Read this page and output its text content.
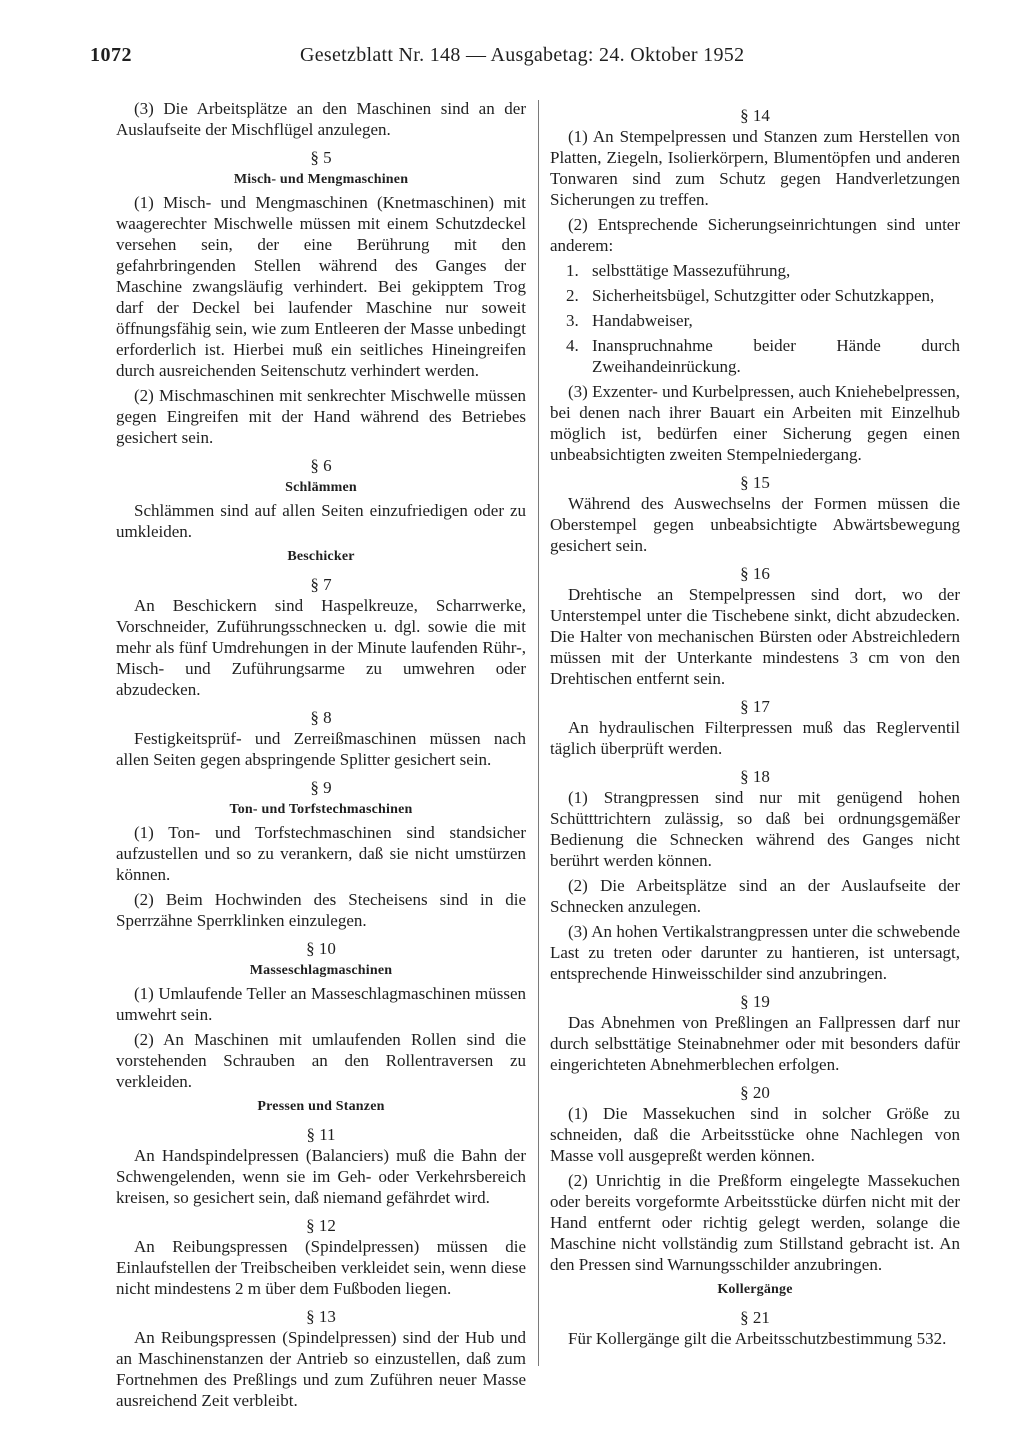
1072	Gesetzblatt Nr. 148 — Ausgabetag: 24. Oktober 1952
(3) Die Arbeitsplätze an den Maschinen sind an der Auslaufseite der Mischflügel anzulegen.
§ 5
Misch- und Mengmaschinen
(1) Misch- und Mengmaschinen (Knetmaschinen) mit waagerechter Mischwelle müssen mit einem Schutzdeckel versehen sein, der eine Berührung mit den gefahrbringenden Stellen während des Ganges der Maschine zwangsläufig verhindert. Bei gekipptem Trog darf der Deckel bei laufender Maschine nur soweit öffnungsfähig sein, wie zum Entleeren der Masse unbedingt erforderlich ist. Hierbei muß ein seitliches Hineingreifen durch ausreichenden Seitenschutz verhindert werden.
(2) Mischmaschinen mit senkrechter Mischwelle müssen gegen Eingreifen mit der Hand während des Betriebes gesichert sein.
§ 6
Schlämmen
Schlämmen sind auf allen Seiten einzufriedigen oder zu umkleiden.
Beschicker
§ 7
An Beschickern sind Haspelkreuze, Scharrwerke, Vorschneider, Zuführungsschnecken u. dgl. sowie die mit mehr als fünf Umdrehungen in der Minute laufenden Rühr-, Misch- und Zuführungsarme zu umwehren oder abzudecken.
§ 8
Festigkeitsprüf- und Zerreißmaschinen müssen nach allen Seiten gegen abspringende Splitter gesichert sein.
§ 9
Ton- und Torfstechmaschinen
(1) Ton- und Torfstechmaschinen sind standsicher aufzustellen und so zu verankern, daß sie nicht umstürzen können.
(2) Beim Hochwinden des Stecheisens sind in die Sperrzähne Sperrklinken einzulegen.
§ 10
Masseschlagmaschinen
(1) Umlaufende Teller an Masseschlagmaschinen müssen umwehrt sein.
(2) An Maschinen mit umlaufenden Rollen sind die vorstehenden Schrauben an den Rollentraversen zu verkleiden.
Pressen und Stanzen
§ 11
An Handspindelpressen (Balanciers) muß die Bahn der Schwengelenden, wenn sie im Geh- oder Verkehrsbereich kreisen, so gesichert sein, daß niemand gefährdet wird.
§ 12
An Reibungspressen (Spindelpressen) müssen die Einlaufstellen der Treibscheiben verkleidet sein, wenn diese nicht mindestens 2 m über dem Fußboden liegen.
§ 13
An Reibungspressen (Spindelpressen) sind der Hub und an Maschinenstanzen der Antrieb so einzustellen, daß zum Fortnehmen des Preßlings und zum Zuführen neuer Masse ausreichend Zeit verbleibt.
§ 14
(1) An Stempelpressen und Stanzen zum Herstellen von Platten, Ziegeln, Isolierkörpern, Blumentöpfen und anderen Tonwaren sind zum Schutz gegen Handverletzungen Sicherungen zu treffen.
(2) Entsprechende Sicherungseinrichtungen sind unter anderem:
1. selbsttätige Massezuführung,
2. Sicherheitsbügel, Schutzgitter oder Schutzkappen,
3. Handabweiser,
4. Inanspruchnahme beider Hände durch Zweihandeinrückung.
(3) Exzenter- und Kurbelpressen, auch Kniehebelpressen, bei denen nach ihrer Bauart ein Arbeiten mit Einzelhub möglich ist, bedürfen einer Sicherung gegen einen unbeabsichtigten zweiten Stempelniedergang.
§ 15
Während des Auswechselns der Formen müssen die Oberstempel gegen unbeabsichtigte Abwärtsbewegung gesichert sein.
§ 16
Drehtische an Stempelpressen sind dort, wo der Unterstempel unter die Tischebene sinkt, dicht abzudecken. Die Halter von mechanischen Bürsten oder Abstreichledern müssen mit der Unterkante mindestens 3 cm von den Drehtischen entfernt sein.
§ 17
An hydraulischen Filterpressen muß das Reglerventil täglich überprüft werden.
§ 18
(1) Strangpressen sind nur mit genügend hohen Schütttrichtern zulässig, so daß bei ordnungsgemäßer Bedienung die Schnecken während des Ganges nicht berührt werden können.
(2) Die Arbeitsplätze sind an der Auslaufseite der Schnecken anzulegen.
(3) An hohen Vertikalstrangpressen unter die schwebende Last zu treten oder darunter zu hantieren, ist untersagt, entsprechende Hinweisschilder sind anzubringen.
§ 19
Das Abnehmen von Preßlingen an Fallpressen darf nur durch selbsttätige Steinabnehmer oder mit besonders dafür eingerichteten Abnehmerblechen erfolgen.
§ 20
(1) Die Massekuchen sind in solcher Größe zu schneiden, daß die Arbeitsstücke ohne Nachlegen von Masse voll ausgepreßt werden können.
(2) Unrichtig in die Preßform eingelegte Massekuchen oder bereits vorgeformte Arbeitsstücke dürfen nicht mit der Hand entfernt oder richtig gelegt werden, solange die Maschine nicht vollständig zum Stillstand gebracht ist. An den Pressen sind Warnungsschilder anzubringen.
Kollergänge
§ 21
Für Kollergänge gilt die Arbeitsschutzbestimmung 532.
